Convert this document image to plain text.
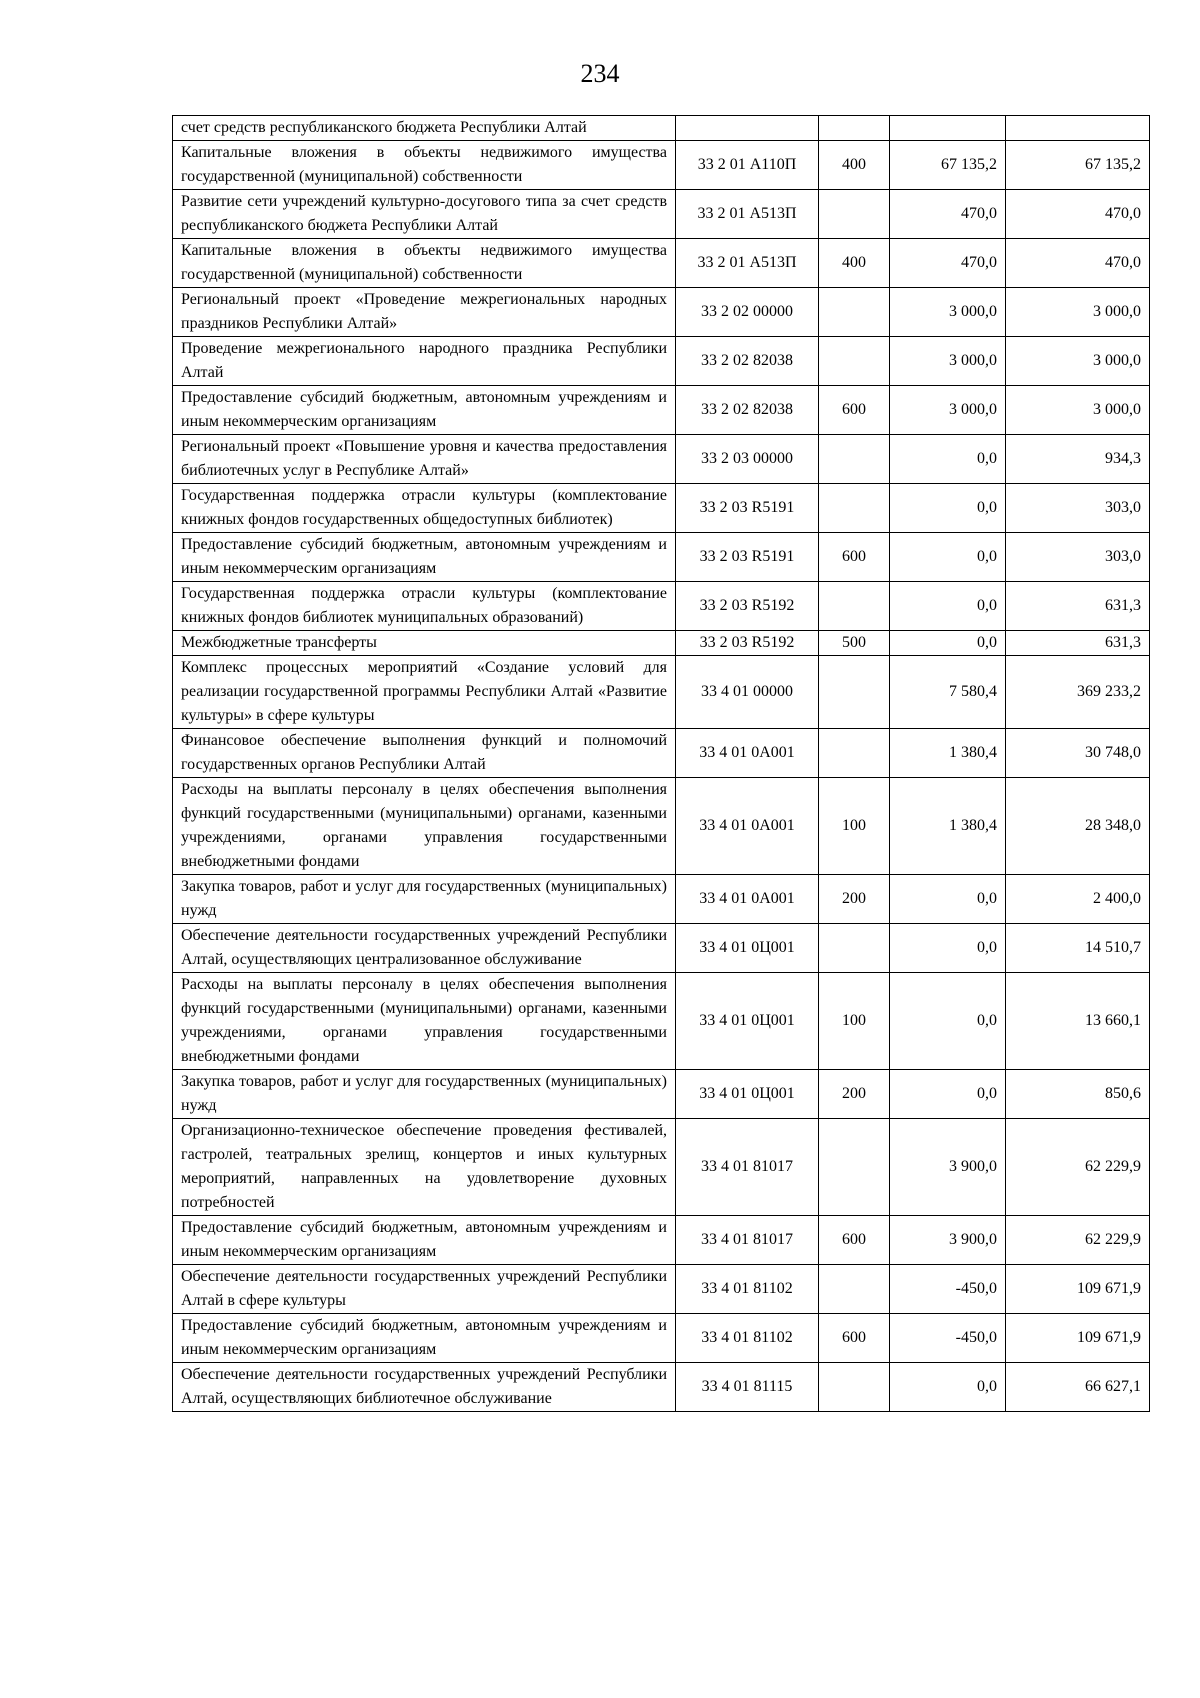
234
счет средств республиканского бюджета Республики Алтай				
Капитальные вложения в объекты недвижимого имущества государственной (муниципальной) собственности	33 2 01 А110П	400	67 135,2	67 135,2
Развитие сети учреждений культурно-досугового типа за счет средств республиканского бюджета Республики Алтай	33 2 01 А513П		470,0	470,0
Капитальные вложения в объекты недвижимого имущества государственной (муниципальной) собственности	33 2 01 А513П	400	470,0	470,0
Региональный проект «Проведение межрегиональных народных праздников Республики Алтай»	33 2 02 00000		3 000,0	3 000,0
Проведение межрегионального народного праздника Республики Алтай	33 2 02 82038		3 000,0	3 000,0
Предоставление субсидий бюджетным, автономным учреждениям и иным некоммерческим организациям	33 2 02 82038	600	3 000,0	3 000,0
Региональный проект «Повышение уровня и качества предоставления библиотечных услуг в Республике Алтай»	33 2 03 00000		0,0	934,3
Государственная поддержка отрасли культуры (комплектование книжных фондов государственных общедоступных библиотек)	33 2 03 R5191		0,0	303,0
Предоставление субсидий бюджетным, автономным учреждениям и иным некоммерческим организациям	33 2 03 R5191	600	0,0	303,0
Государственная поддержка отрасли культуры (комплектование книжных фондов библиотек муниципальных образований)	33 2 03 R5192		0,0	631,3
Межбюджетные трансферты	33 2 03 R5192	500	0,0	631,3
Комплекс процессных мероприятий «Создание условий для реализации государственной программы Республики Алтай «Развитие культуры» в сфере культуры	33 4 01 00000		7 580,4	369 233,2
Финансовое обеспечение выполнения функций и полномочий государственных органов Республики Алтай	33 4 01 0А001		1 380,4	30 748,0
Расходы на выплаты персоналу в целях обеспечения выполнения функций государственными (муниципальными) органами, казенными учреждениями, органами управления государственными внебюджетными фондами	33 4 01 0А001	100	1 380,4	28 348,0
Закупка товаров, работ и услуг для государственных (муниципальных) нужд	33 4 01 0А001	200	0,0	2 400,0
Обеспечение деятельности государственных учреждений Республики Алтай, осуществляющих централизованное обслуживание	33 4 01 0Ц001		0,0	14 510,7
Расходы на выплаты персоналу в целях обеспечения выполнения функций государственными (муниципальными) органами, казенными учреждениями, органами управления государственными внебюджетными фондами	33 4 01 0Ц001	100	0,0	13 660,1
Закупка товаров, работ и услуг для государственных (муниципальных) нужд	33 4 01 0Ц001	200	0,0	850,6
Организационно-техническое обеспечение проведения фестивалей, гастролей, театральных зрелищ, концертов и иных культурных мероприятий, направленных на удовлетворение духовных потребностей	33 4 01 81017		3 900,0	62 229,9
Предоставление субсидий бюджетным, автономным учреждениям и иным некоммерческим организациям	33 4 01 81017	600	3 900,0	62 229,9
Обеспечение деятельности государственных учреждений Республики Алтай в сфере культуры	33 4 01 81102		-450,0	109 671,9
Предоставление субсидий бюджетным, автономным учреждениям и иным некоммерческим организациям	33 4 01 81102	600	-450,0	109 671,9
Обеспечение деятельности государственных учреждений Республики Алтай, осуществляющих библиотечное обслуживание	33 4 01 81115		0,0	66 627,1
